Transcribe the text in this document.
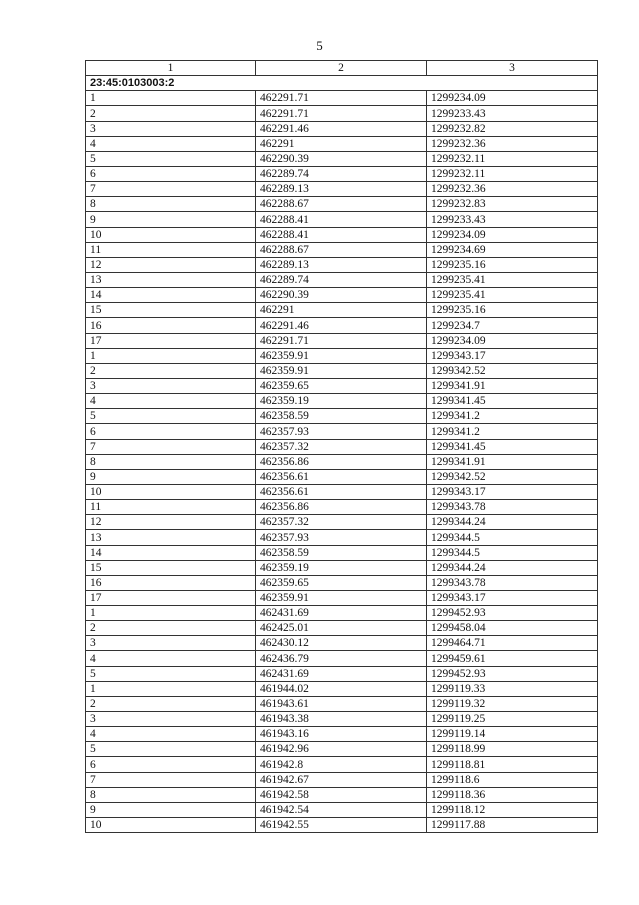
5
1	2	3
23:45:0103003:2		
1	462291.71	1299234.09
2	462291.71	1299233.43
3	462291.46	1299232.82
4	462291	1299232.36
5	462290.39	1299232.11
6	462289.74	1299232.11
7	462289.13	1299232.36
8	462288.67	1299232.83
9	462288.41	1299233.43
10	462288.41	1299234.09
11	462288.67	1299234.69
12	462289.13	1299235.16
13	462289.74	1299235.41
14	462290.39	1299235.41
15	462291	1299235.16
16	462291.46	1299234.7
17	462291.71	1299234.09
1	462359.91	1299343.17
2	462359.91	1299342.52
3	462359.65	1299341.91
4	462359.19	1299341.45
5	462358.59	1299341.2
6	462357.93	1299341.2
7	462357.32	1299341.45
8	462356.86	1299341.91
9	462356.61	1299342.52
10	462356.61	1299343.17
11	462356.86	1299343.78
12	462357.32	1299344.24
13	462357.93	1299344.5
14	462358.59	1299344.5
15	462359.19	1299344.24
16	462359.65	1299343.78
17	462359.91	1299343.17
1	462431.69	1299452.93
2	462425.01	1299458.04
3	462430.12	1299464.71
4	462436.79	1299459.61
5	462431.69	1299452.93
1	461944.02	1299119.33
2	461943.61	1299119.32
3	461943.38	1299119.25
4	461943.16	1299119.14
5	461942.96	1299118.99
6	461942.8	1299118.81
7	461942.67	1299118.6
8	461942.58	1299118.36
9	461942.54	1299118.12
10	461942.55	1299117.88
